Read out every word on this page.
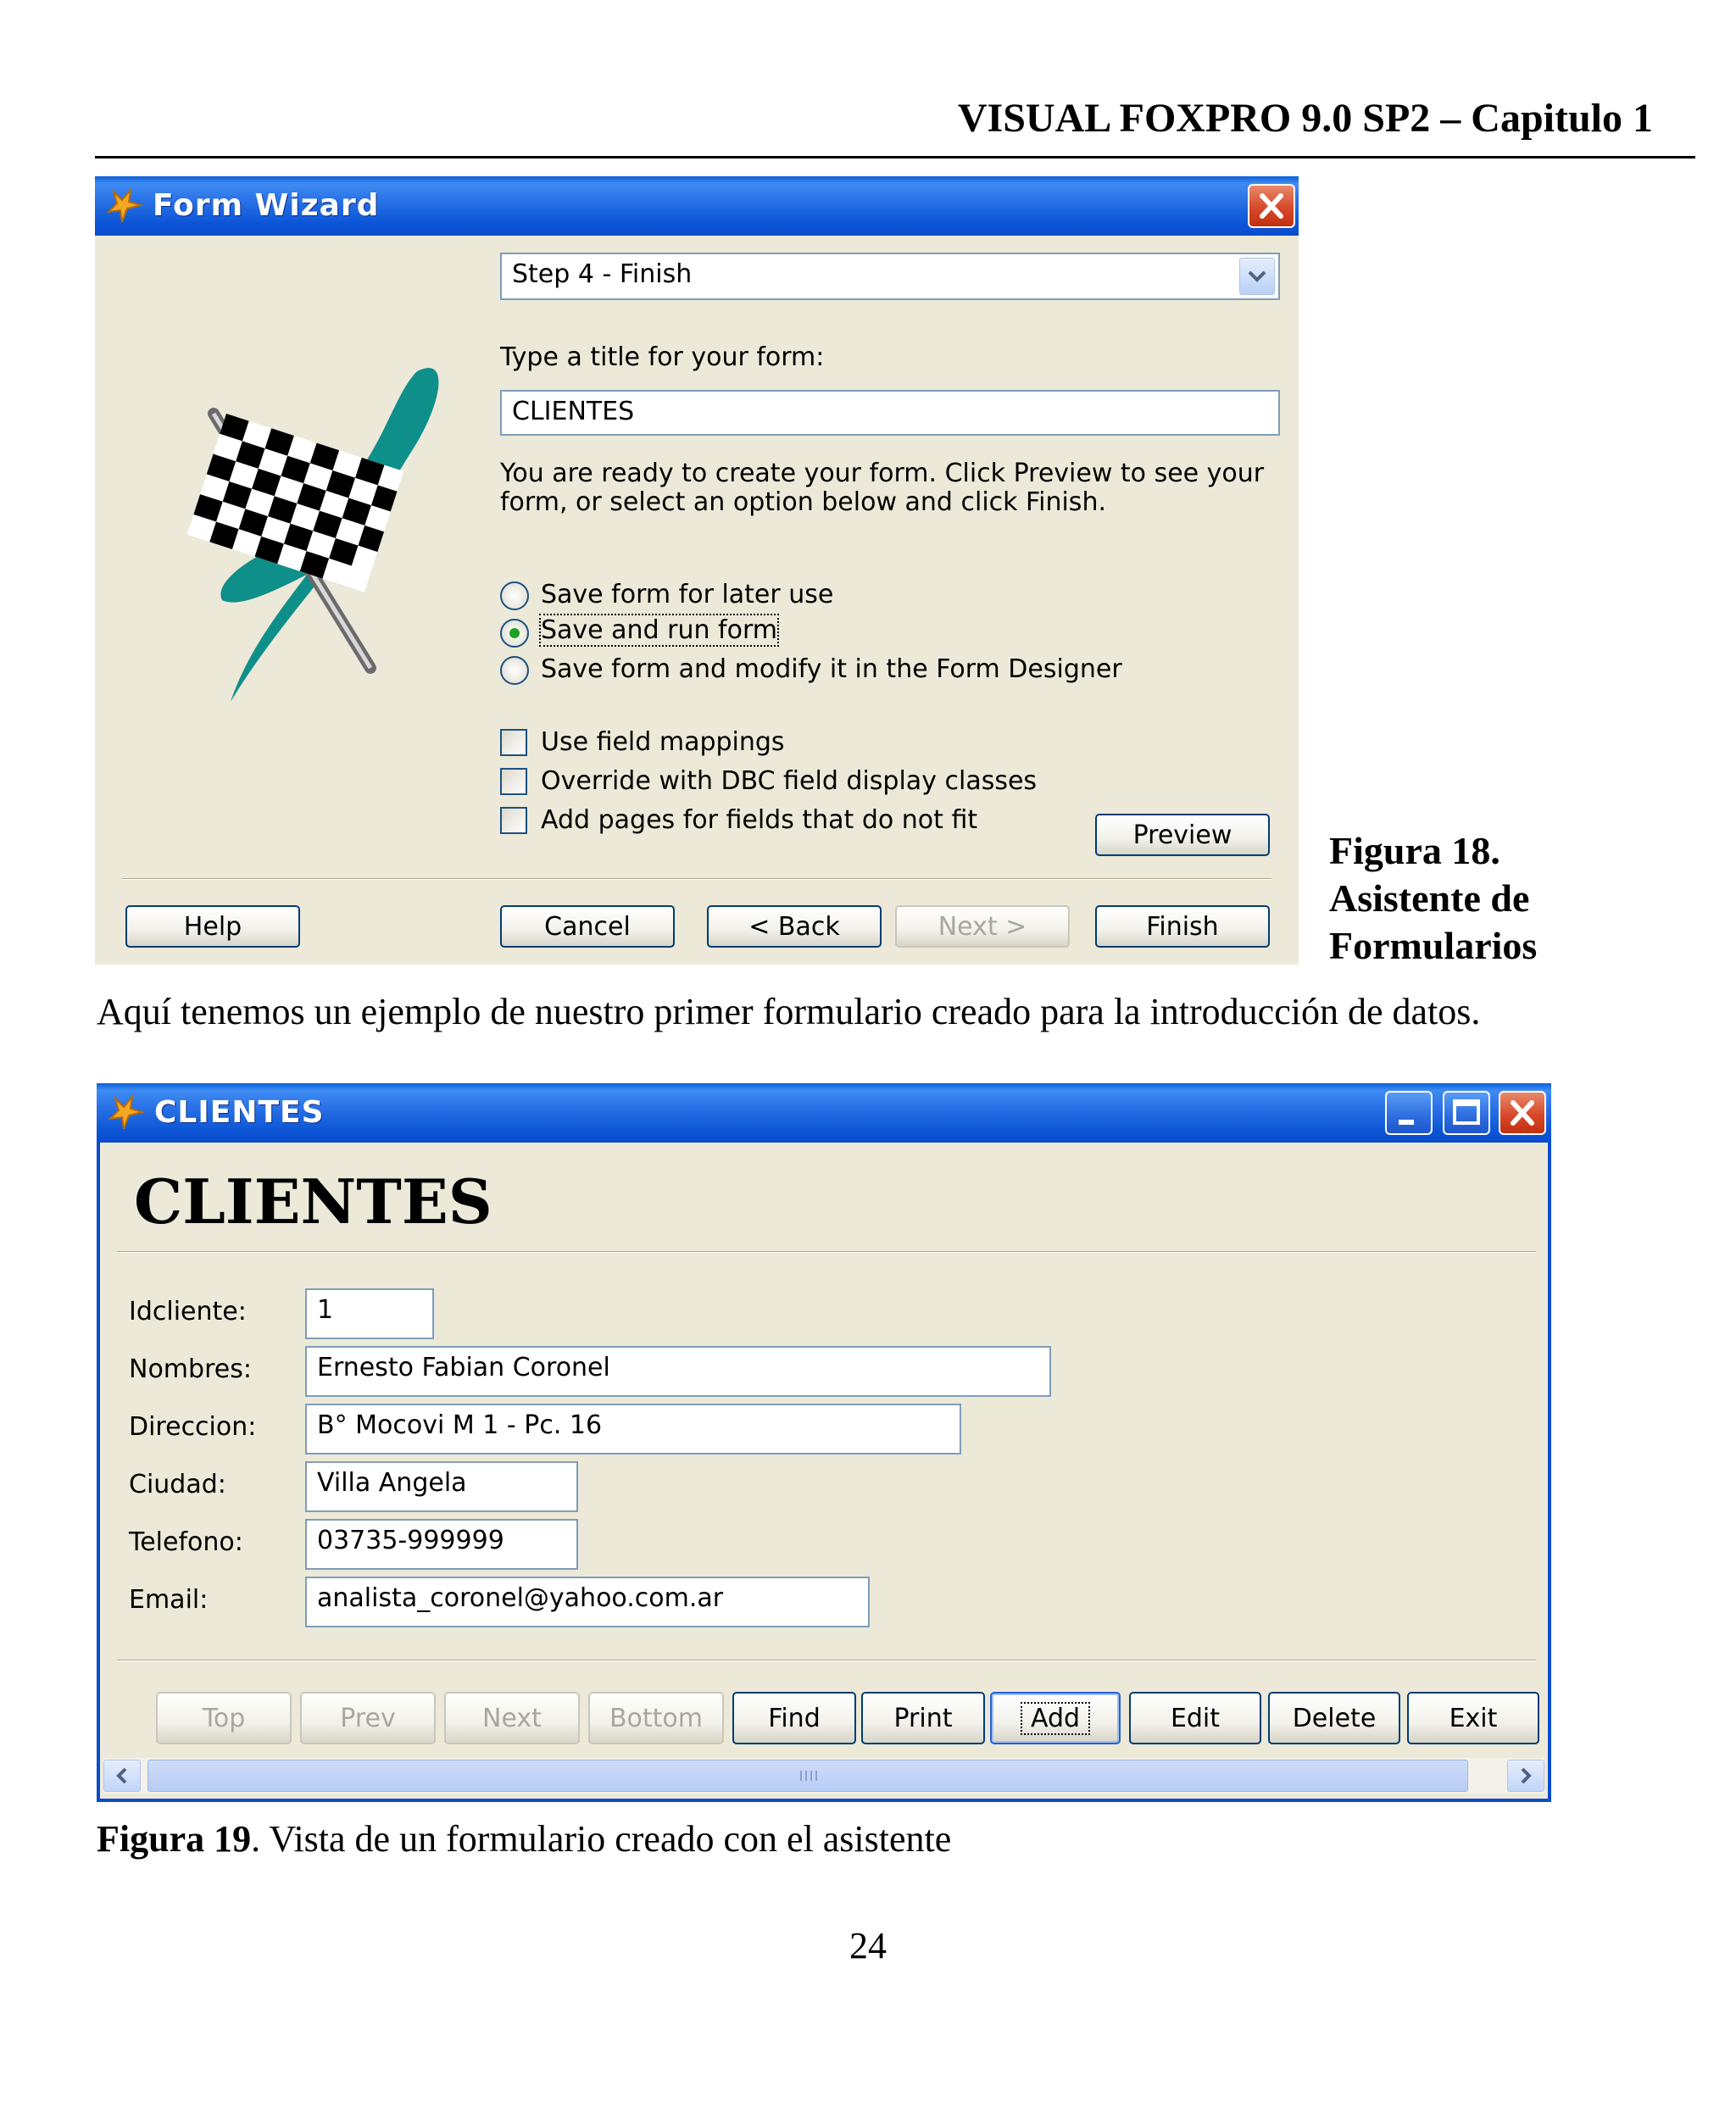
VISUAL FOXPRO 9.0 SP2 – Capitulo 1
Form Wizard
Step 4 - Finish
Type a title for your form:
CLIENTES
You are ready to create your form. Click Preview to see your
form, or select an option below and click Finish.
Save form for later use
Save and run form
Save form and modify it in the Form Designer
Use field mappings
Override with DBC field display classes
Add pages for fields that do not fit	Preview
Help	Cancel	< Back	Next >	Finish
Figura 18.
Asistente de
Formularios
Aquí tenemos un ejemplo de nuestro primer formulario creado para la introducción de datos.
CLIENTES
CLIENTES
Idcliente:	1
Nombres:	Ernesto Fabian Coronel
Direccion:	B° Mocovi M 1 - Pc. 16
Ciudad:	Villa Angela
Telefono:	03735-999999
Email:	analista_coronel@yahoo.com.ar
Top	Prev	Next	Bottom	Find	Print	Add	Edit	Delete	Exit
Figura 19. Vista de un formulario creado con el asistente
24
